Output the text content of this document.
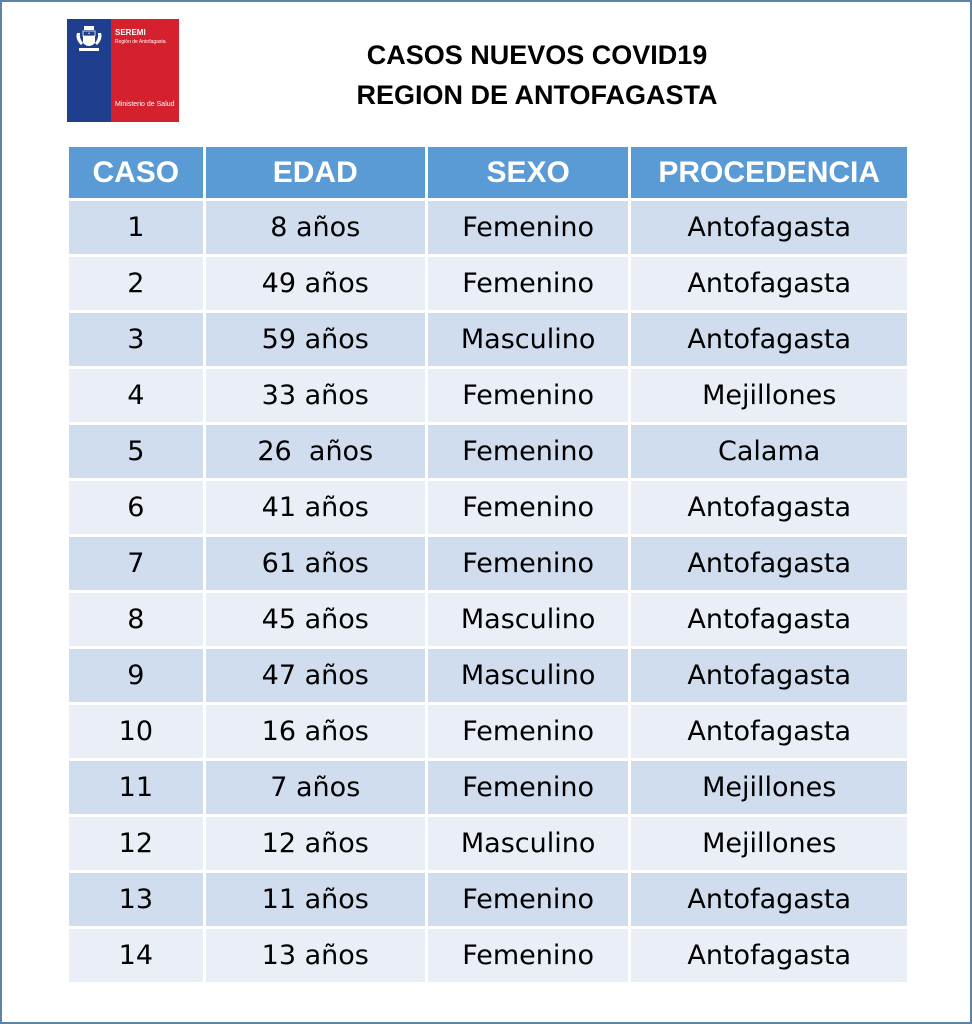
SEREMI
Región de Antofagasta
Ministerio de Salud
CASOS NUEVOS COVID19
REGION DE ANTOFAGASTA
CASO	EDAD	SEXO	PROCEDENCIA
1	8 años	Femenino	Antofagasta
2	49 años	Femenino	Antofagasta
3	59 años	Masculino	Antofagasta
4	33 años	Femenino	Mejillones
5	26  años	Femenino	Calama
6	41 años	Femenino	Antofagasta
7	61 años	Femenino	Antofagasta
8	45 años	Masculino	Antofagasta
9	47 años	Masculino	Antofagasta
10	16 años	Femenino	Antofagasta
11	7 años	Femenino	Mejillones
12	12 años	Masculino	Mejillones
13	11 años	Femenino	Antofagasta
14	13 años	Femenino	Antofagasta
